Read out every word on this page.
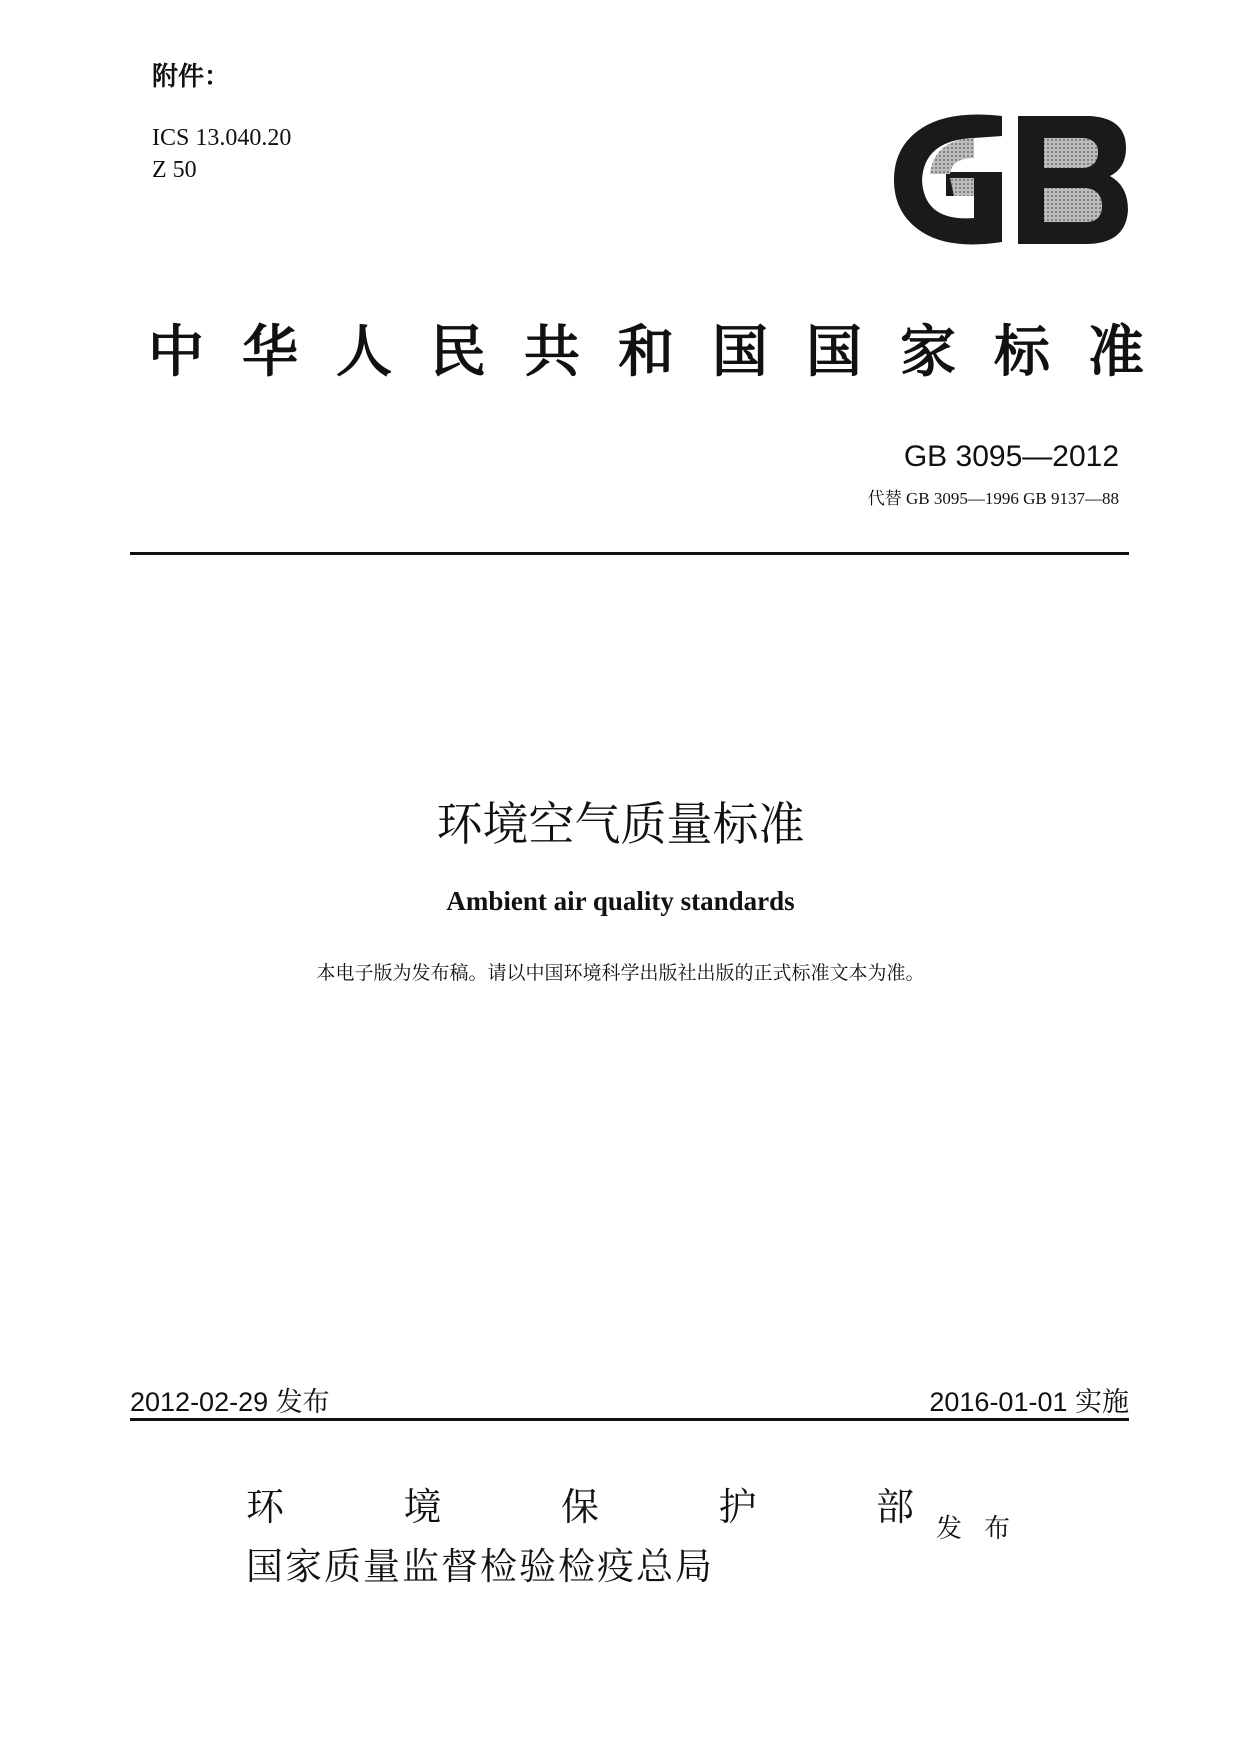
附件：
ICS 13.040.20
Z 50
中华人民共和国国家标准
GB 3095—2012
代替 GB 3095—1996 GB 9137—88
环境空气质量标准
Ambient air quality standards
本电子版为发布稿。请以中国环境科学出版社出版的正式标准文本为准。
2012-02-29 发布	2016-01-01 实施
环	境	保	护	部
国家质量监督检验检疫总局
发布
